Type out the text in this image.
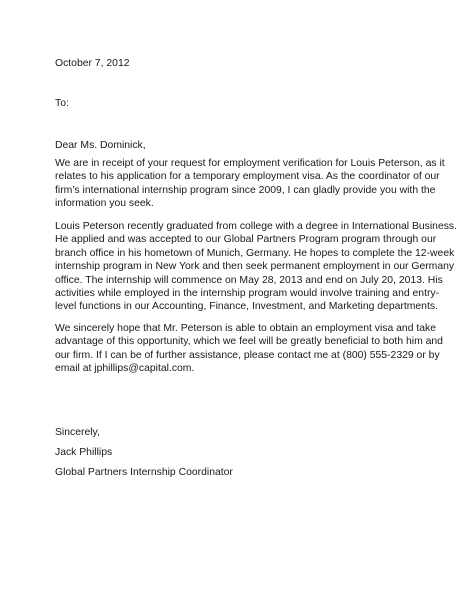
October 7, 2012

To:

Dear Ms. Dominick,

We are in receipt of your request for employment verification for Louis Peterson, as it
relates to his application for a temporary employment visa. As the coordinator of our
firm’s international internship program since 2009, I can gladly provide you with the
information you seek.
Louis Peterson recently graduated from college with a degree in International Business.
He applied and was accepted to our Global Partners Program program through our
branch office in his hometown of Munich, Germany. He hopes to complete the 12-week
internship program in New York and then seek permanent employment in our Germany
office. The internship will commence on May 28, 2013 and end on July 20, 2013. His
activities while employed in the internship program would involve training and entry-
level functions in our Accounting, Finance, Investment, and Marketing departments.
We sincerely hope that Mr. Peterson is able to obtain an employment visa and take
advantage of this opportunity, which we feel will be greatly beneficial to both him and
our firm. If I can be of further assistance, please contact me at (800) 555-2329 or by
email at jphillips@capital.com.

Sincerely,

Jack Phillips

Global Partners Internship Coordinator
